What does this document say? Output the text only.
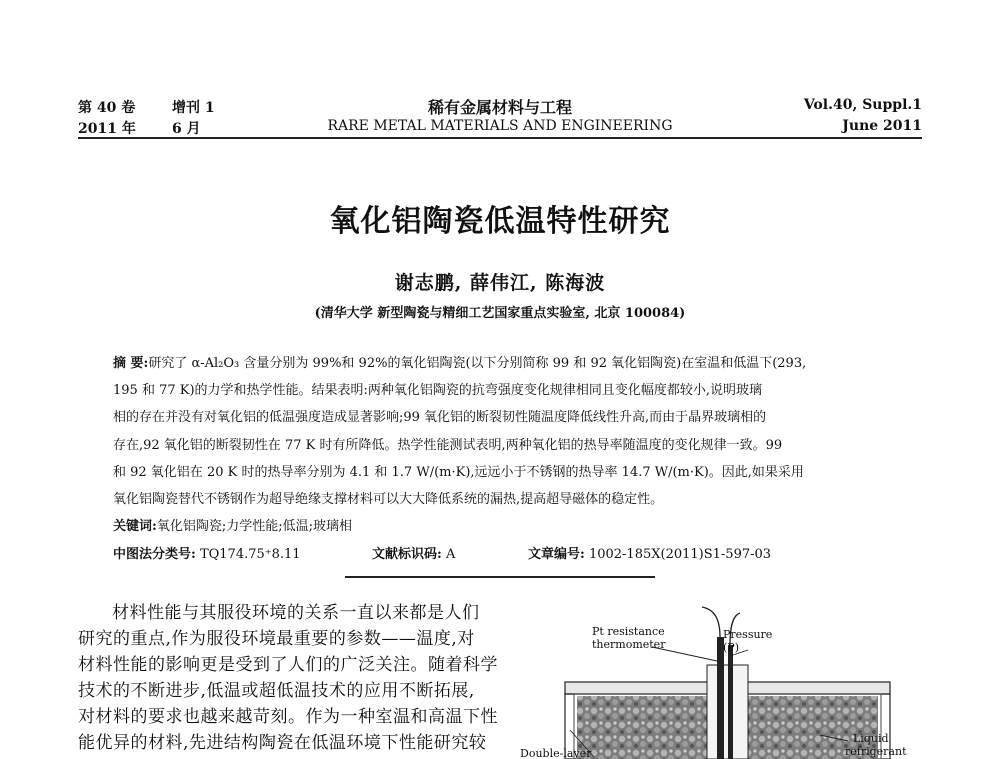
第 40 卷	增刊 1
2011 年	6 月
稀有金属材料与工程
RARE METAL MATERIALS AND ENGINEERING
Vol.40, Suppl.1
June 2011
氧化铝陶瓷低温特性研究
谢志鹏, 薛伟江, 陈海波
(清华大学 新型陶瓷与精细工艺国家重点实验室, 北京 100084)
摘 要:研究了 α-Al₂O₃ 含量分别为 99%和 92%的氧化铝陶瓷(以下分别简称 99 和 92 氧化铝陶瓷)在室温和低温下(293,
195 和 77 K)的力学和热学性能。结果表明:两种氧化铝陶瓷的抗弯强度变化规律相同且变化幅度都较小,说明玻璃
相的存在并没有对氧化铝的低温强度造成显著影响;99 氧化铝的断裂韧性随温度降低线性升高,而由于晶界玻璃相的
存在,92 氧化铝的断裂韧性在 77 K 时有所降低。热学性能测试表明,两种氧化铝的热导率随温度的变化规律一致。99
和 92 氧化铝在 20 K 时的热导率分别为 4.1 和 1.7 W/(m·K),远远小于不锈钢的热导率 14.7 W/(m·K)。因此,如果采用
氧化铝陶瓷替代不锈钢作为超导绝缘支撑材料可以大大降低系统的漏热,提高超导磁体的稳定性。
关键词:氧化铝陶瓷;力学性能;低温;玻璃相
中图法分类号: TQ174.75⁺8.11	文献标识码: A	文章编号: 1002-185X(2011)S1-597-03
材料性能与其服役环境的关系一直以来都是人们
研究的重点,作为服役环境最重要的参数——温度,对
材料性能的影响更是受到了人们的广泛关注。随着科学
技术的不断进步,低温或超低温技术的应用不断拓展,
对材料的要求也越来越苛刻。作为一种室温和高温下性
能优异的材料,先进结构陶瓷在低温环境下性能研究较
Pt resistance
thermometer
Pressure
(P)
Liquid
refrigerant
Double-layer
